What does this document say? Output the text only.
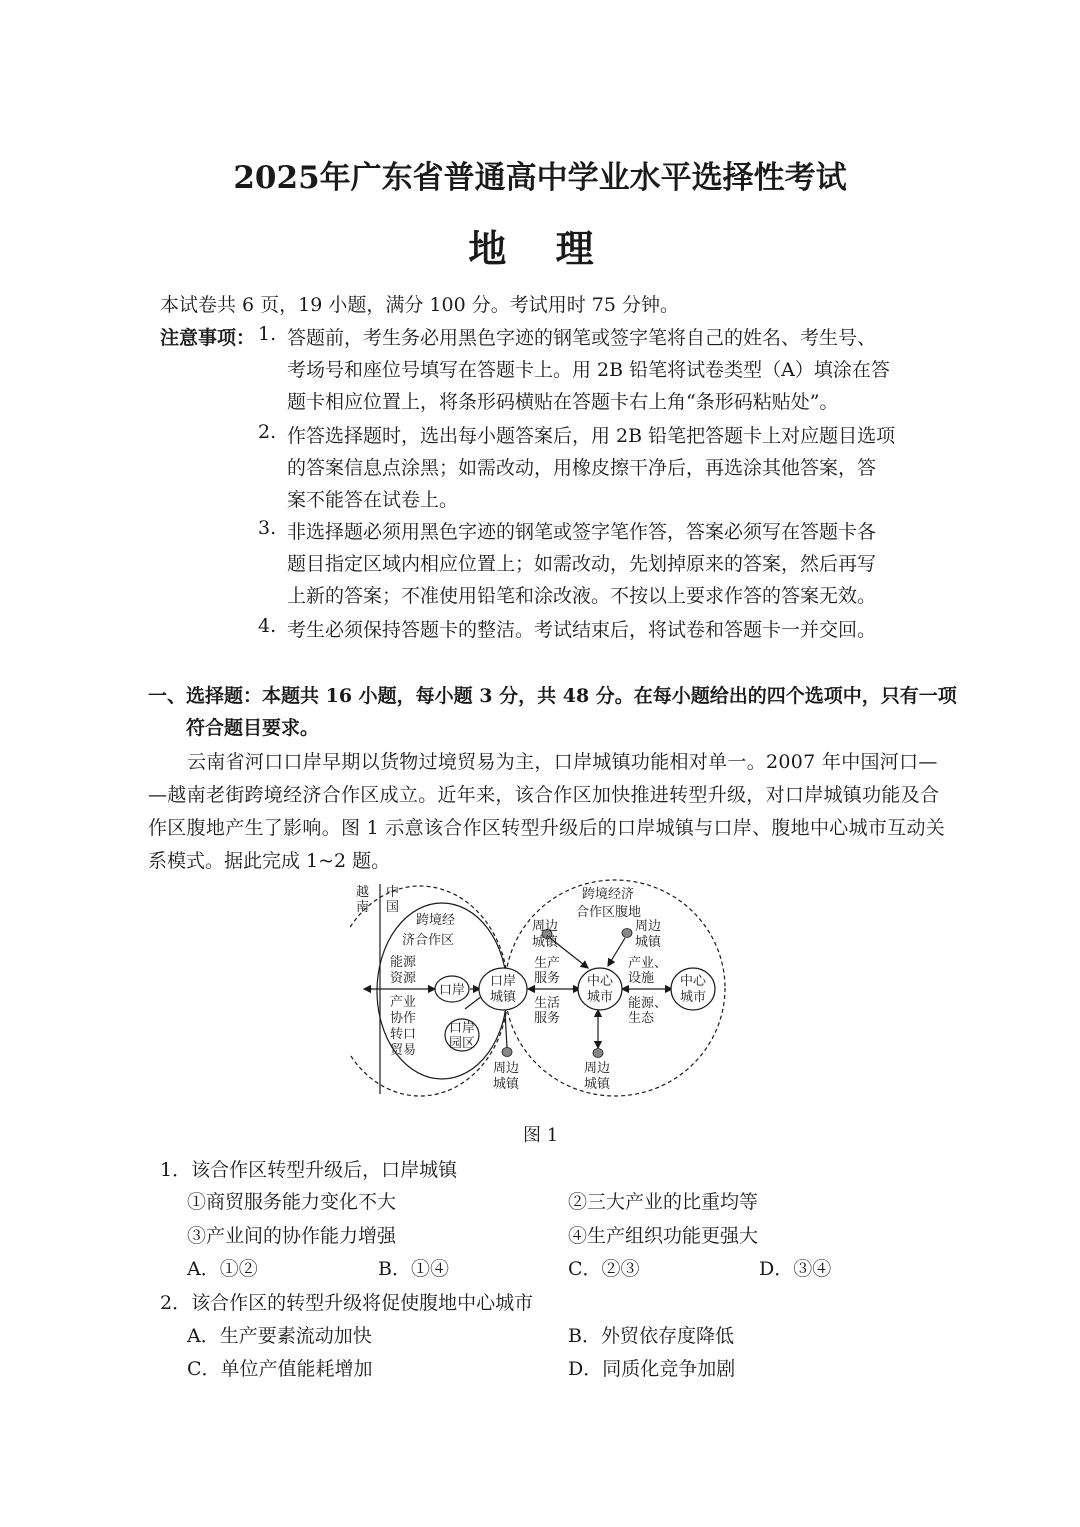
2025年广东省普通高中学业水平选择性考试
地 理
本试卷共 6 页，19 小题，满分 100 分。考试用时 75 分钟。
注意事项： 1. 答题前，考生务必用黑色字迹的钢笔或签字笔将自己的姓名、考生号、
考场号和座位号填写在答题卡上。用 2B 铅笔将试卷类型（A）填涂在答
题卡相应位置上，将条形码横贴在答题卡右上角“条形码粘贴处”。
2. 作答选择题时，选出每小题答案后，用 2B 铅笔把答题卡上对应题目选项
的答案信息点涂黑；如需改动，用橡皮擦干净后，再选涂其他答案，答
案不能答在试卷上。
3. 非选择题必须用黑色字迹的钢笔或签字笔作答，答案必须写在答题卡各
题目指定区域内相应位置上；如需改动，先划掉原来的答案，然后再写
上新的答案；不准使用铅笔和涂改液。不按以上要求作答的答案无效。
4. 考生必须保持答题卡的整洁。考试结束后，将试卷和答题卡一并交回。
一、选择题：本题共 16 小题，每小题 3 分，共 48 分。在每小题给出的四个选项中，只有一项
符合题目要求。
云南省河口口岸早期以货物过境贸易为主，口岸城镇功能相对单一。2007 年中国河口—
—越南老街跨境经济合作区成立。近年来，该合作区加快推进转型升级，对口岸城镇功能及合
作区腹地产生了影响。图 1 示意该合作区转型升级后的口岸城镇与口岸、腹地中心城市互动关
系模式。据此完成 1~2 题。
越南
中国
跨境经
济合作区
跨境经济
合作区腹地
能源
资源
产业
协作
转口
贸易
口岸
口岸
园区
口岸
城镇
生产
服务
生活
服务
中心
城市
产业、
设施
能源、
生态
中心
城市
周边
城镇
周边
城镇
周边
城镇
周边
城镇
图 1
1．该合作区转型升级后，口岸城镇
①商贸服务能力变化不大	②三大产业的比重均等
③产业间的协作能力增强	④生产组织功能更强大
A．①②	B．①④	C．②③	D．③④
2．该合作区的转型升级将促使腹地中心城市
A．生产要素流动加快	B．外贸依存度降低
C．单位产值能耗增加	D．同质化竞争加剧
